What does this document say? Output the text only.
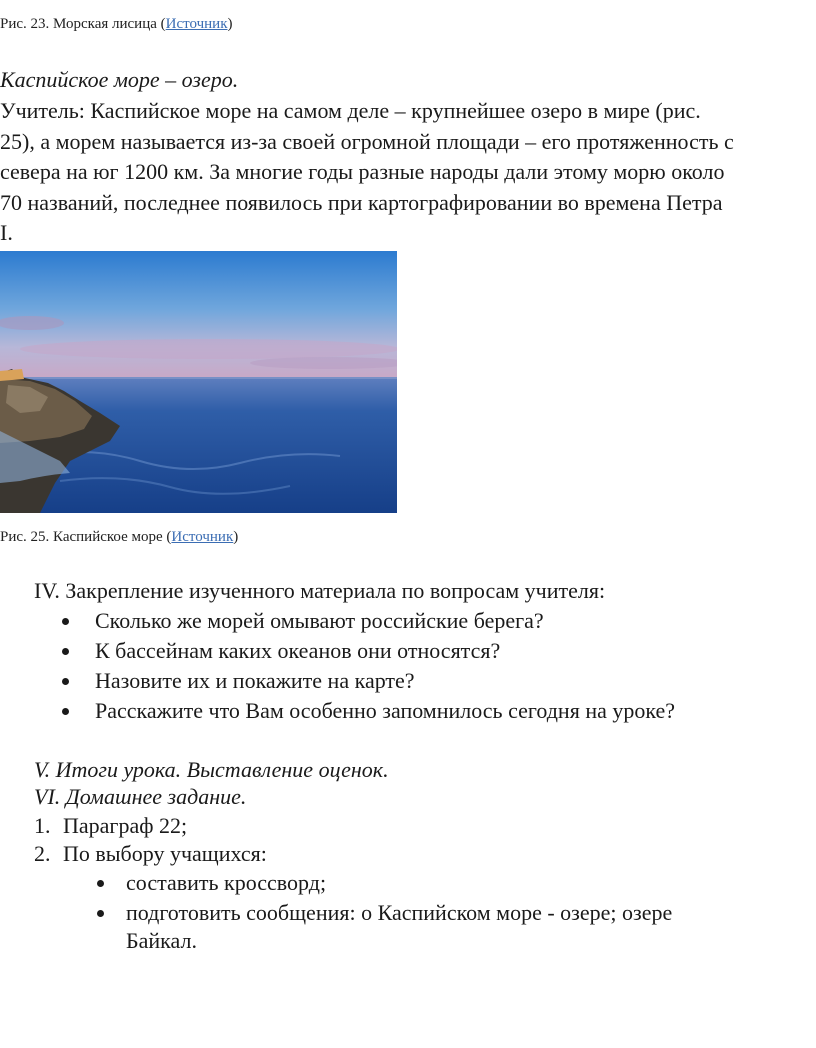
Рис. 23. Морская лисица (Источник)
Каспийское море – озеро.
Учитель: Каспийское море на самом деле – крупнейшее озеро в мире (рис.
25), а морем называется из-за своей огромной площади – его протяженность с
севера на юг 1200 км. За многие годы разные народы дали этому морю около
70 названий, последнее появилось при картографировании во времена Петра
I.
Рис. 25. Каспийское море (Источник)
IV. Закрепление изученного материала по вопросам учителя:
Сколько же морей омывают российские берега?
К бассейнам каких океанов они относятся?
Назовите их и покажите на карте?
Расскажите что Вам особенно запомнилось сегодня на уроке?
V. Итоги урока. Выставление оценок.
VI. Домашнее задание.
1. Параграф 22;
2. По выбору учащихся:
составить кроссворд;
подготовить сообщения: о Каспийском море - озере; озере
Байкал.
